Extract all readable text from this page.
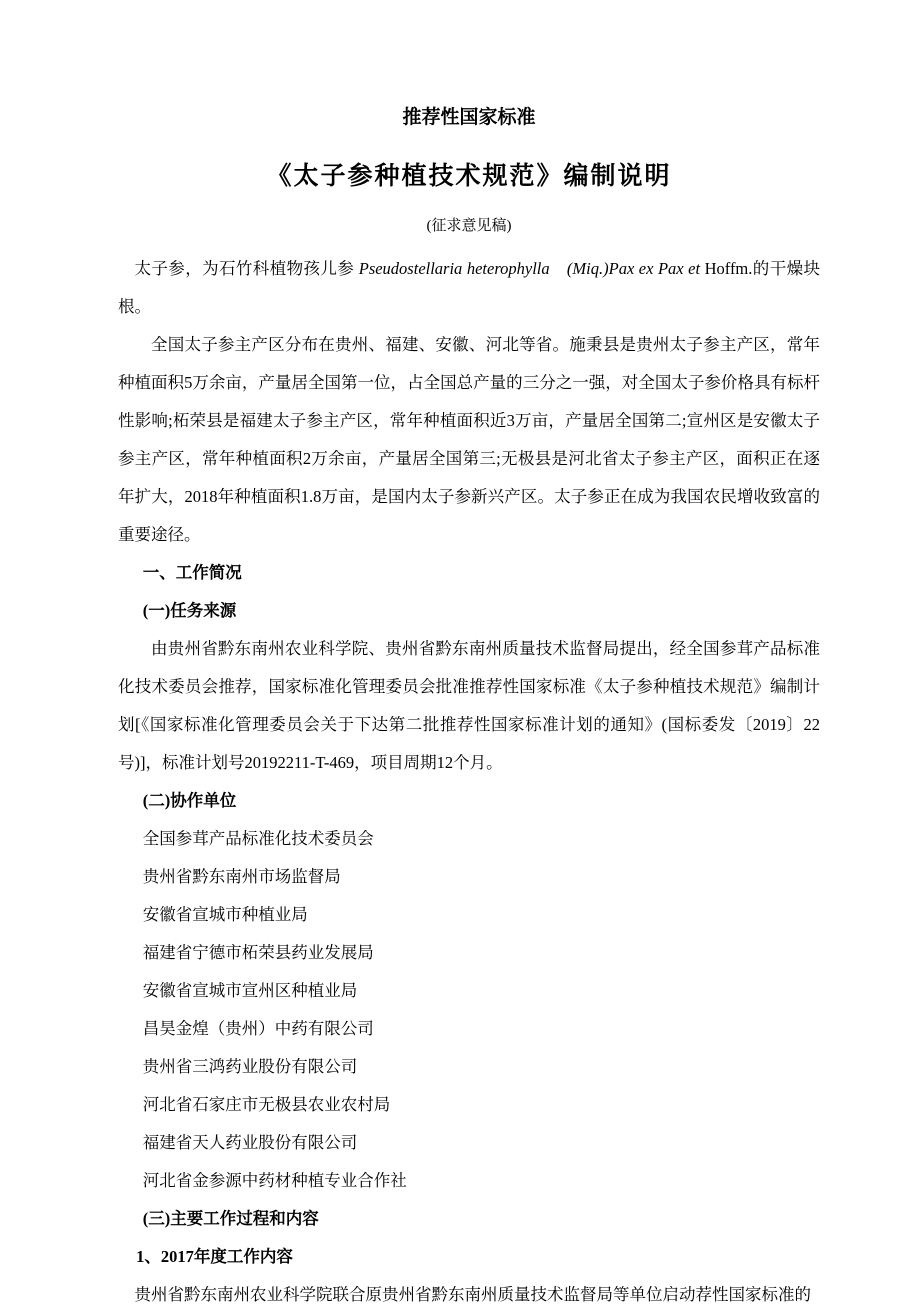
推荐性国家标准
《太子参种植技术规范》编制说明

(征求意见稿)

太子参，为石竹科植物孩儿参 Pseudostellaria heterophylla　(Miq.)Pax ex Pax et Hoffm.的干燥块根。

全国太子参主产区分布在贵州、福建、安徽、河北等省。施秉县是贵州太子参主产区，常年种植面积5万余亩，产量居全国第一位，占全国总产量的三分之一强，对全国太子参价格具有标杆性影响;柘荣县是福建太子参主产区，常年种植面积近3万亩，产量居全国第二;宣州区是安徽太子参主产区，常年种植面积2万余亩，产量居全国第三;无极县是河北省太子参主产区，面积正在逐年扩大，2018年种植面积1.8万亩，是国内太子参新兴产区。太子参正在成为我国农民增收致富的重要途径。

一、工作简况

(一)任务来源

由贵州省黔东南州农业科学院、贵州省黔东南州质量技术监督局提出，经全国参茸产品标准化技术委员会推荐，国家标准化管理委员会批准推荐性国家标准《太子参种植技术规范》编制计划[《国家标准化管理委员会关于下达第二批推荐性国家标准计划的通知》(国标委发〔2019〕22号)]，标准计划号20192211-T-469，项目周期12个月。

(二)协作单位

全国参茸产品标准化技术委员会

贵州省黔东南州市场监督局

安徽省宣城市种植业局

福建省宁德市柘荣县药业发展局

安徽省宣城市宣州区种植业局

昌昊金煌（贵州）中药有限公司

贵州省三鸿药业股份有限公司

河北省石家庄市无极县农业农村局

福建省天人药业股份有限公司

河北省金参源中药材种植专业合作社

(三)主要工作过程和内容

1、2017年度工作内容

贵州省黔东南州农业科学院联合原贵州省黔东南州质量技术监督局等单位启动荐性国家标准的
